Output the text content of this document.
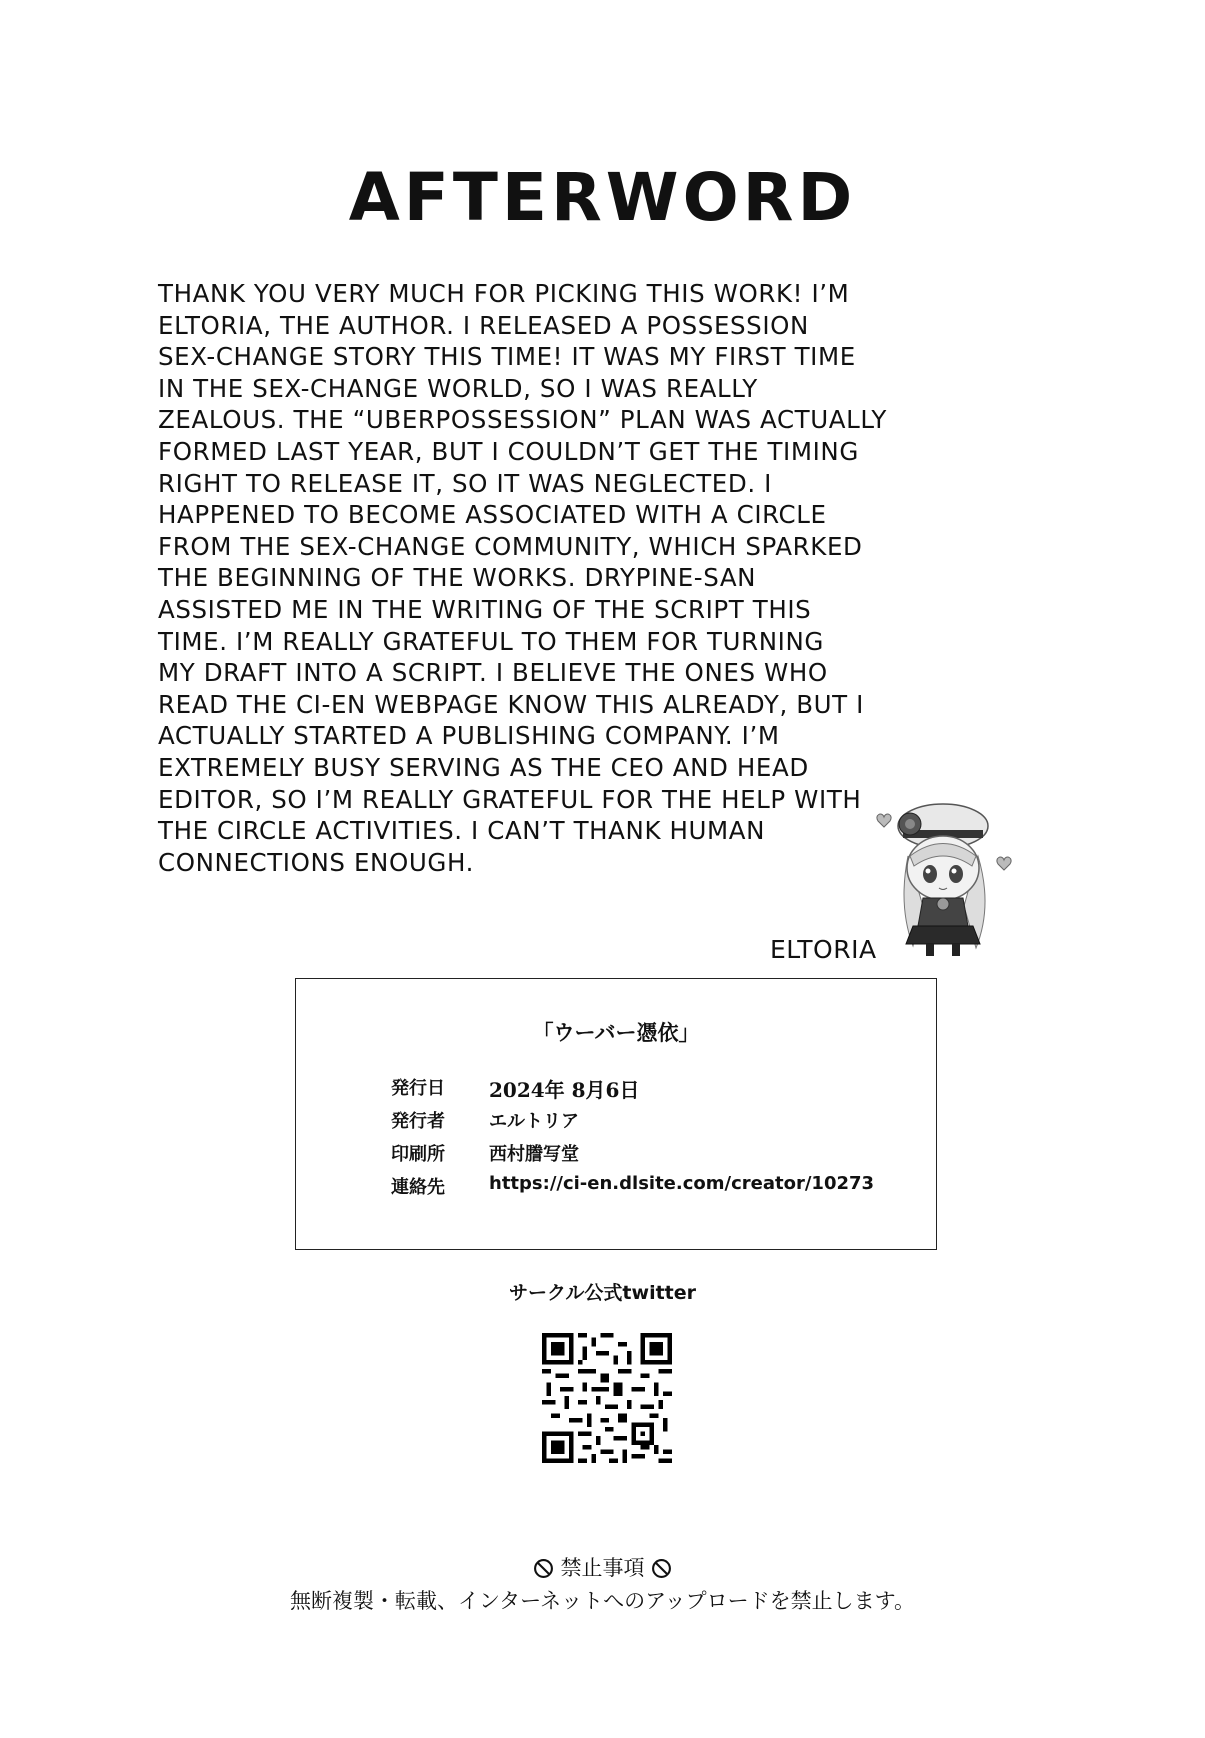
AFTERWORD
THANK YOU VERY MUCH FOR PICKING THIS WORK! I’M
ELTORIA, THE AUTHOR. I RELEASED A POSSESSION
SEX-CHANGE STORY THIS TIME! IT WAS MY FIRST TIME
IN THE SEX-CHANGE WORLD, SO I WAS REALLY
ZEALOUS. THE “UBERPOSSESSION” PLAN WAS ACTUALLY
FORMED LAST YEAR, BUT I COULDN’T GET THE TIMING
RIGHT TO RELEASE IT, SO IT WAS NEGLECTED. I
HAPPENED TO BECOME ASSOCIATED WITH A CIRCLE
FROM THE SEX-CHANGE COMMUNITY, WHICH SPARKED
THE BEGINNING OF THE WORKS. DRYPINE-SAN
ASSISTED ME IN THE WRITING OF THE SCRIPT THIS
TIME. I’M REALLY GRATEFUL TO THEM FOR TURNING
MY DRAFT INTO A SCRIPT. I BELIEVE THE ONES WHO
READ THE CI-EN WEBPAGE KNOW THIS ALREADY, BUT I
ACTUALLY STARTED A PUBLISHING COMPANY. I’M
EXTREMELY BUSY SERVING AS THE CEO AND HEAD
EDITOR, SO I’M REALLY GRATEFUL FOR THE HELP WITH
THE CIRCLE ACTIVITIES. I CAN’T THANK HUMAN
CONNECTIONS ENOUGH.
ELTORIA
「ウーバー憑依」
発行日	2024年 8月6日
発行者	エルトリア
印刷所	西村謄写堂
連絡先	https://ci-en.dlsite.com/creator/10273
サークル公式twitter
禁止事項
無断複製・転載、インターネットへのアップロードを禁止します。
